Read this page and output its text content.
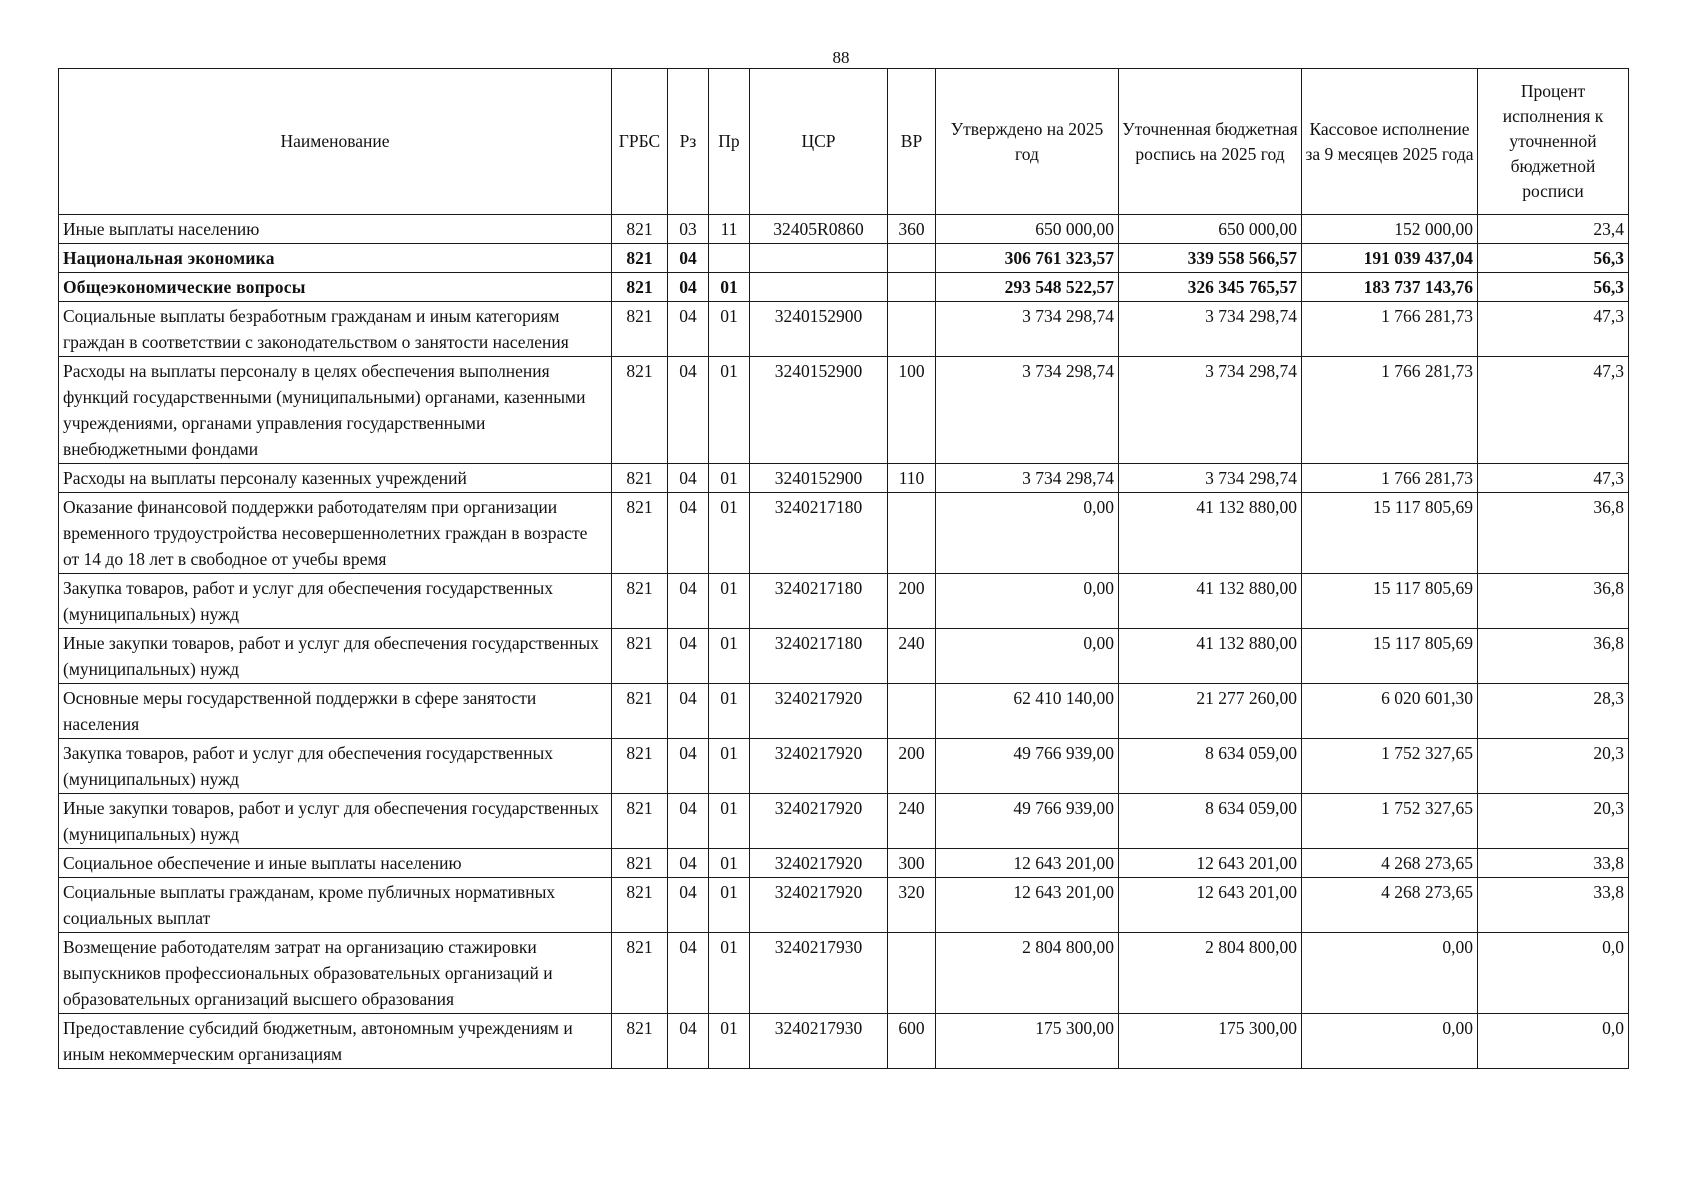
88
Наименование	ГРБС	Рз	Пр	ЦСР	ВР	Утверждено на 2025 год	Уточненная бюджетная роспись на 2025 год	Кассовое исполнение за 9 месяцев 2025 года	Процент исполнения к уточненной бюджетной росписи
Иные выплаты населению	821	03	11	32405R0860	360	650 000,00	650 000,00	152 000,00	23,4
Национальная экономика	821	04				306 761 323,57	339 558 566,57	191 039 437,04	56,3
Общеэкономические вопросы	821	04	01			293 548 522,57	326 345 765,57	183 737 143,76	56,3
Социальные выплаты безработным гражданам и иным категориям граждан в соответствии с законодательством о занятости населения	821	04	01	3240152900		3 734 298,74	3 734 298,74	1 766 281,73	47,3
Расходы на выплаты персоналу в целях обеспечения выполнения функций государственными (муниципальными) органами, казенными учреждениями, органами управления государственными внебюджетными фондами	821	04	01	3240152900	100	3 734 298,74	3 734 298,74	1 766 281,73	47,3
Расходы на выплаты персоналу казенных учреждений	821	04	01	3240152900	110	3 734 298,74	3 734 298,74	1 766 281,73	47,3
Оказание финансовой поддержки работодателям при организации временного трудоустройства несовершеннолетних граждан в возрасте от 14 до 18 лет в свободное от учебы время	821	04	01	3240217180		0,00	41 132 880,00	15 117 805,69	36,8
Закупка товаров, работ и услуг для обеспечения государственных (муниципальных) нужд	821	04	01	3240217180	200	0,00	41 132 880,00	15 117 805,69	36,8
Иные закупки товаров, работ и услуг для обеспечения государственных (муниципальных) нужд	821	04	01	3240217180	240	0,00	41 132 880,00	15 117 805,69	36,8
Основные меры государственной поддержки в сфере занятости населения	821	04	01	3240217920		62 410 140,00	21 277 260,00	6 020 601,30	28,3
Закупка товаров, работ и услуг для обеспечения государственных (муниципальных) нужд	821	04	01	3240217920	200	49 766 939,00	8 634 059,00	1 752 327,65	20,3
Иные закупки товаров, работ и услуг для обеспечения государственных (муниципальных) нужд	821	04	01	3240217920	240	49 766 939,00	8 634 059,00	1 752 327,65	20,3
Социальное обеспечение и иные выплаты населению	821	04	01	3240217920	300	12 643 201,00	12 643 201,00	4 268 273,65	33,8
Социальные выплаты гражданам, кроме публичных нормативных социальных выплат	821	04	01	3240217920	320	12 643 201,00	12 643 201,00	4 268 273,65	33,8
Возмещение работодателям затрат на организацию стажировки выпускников профессиональных образовательных организаций и образовательных организаций высшего образования	821	04	01	3240217930		2 804 800,00	2 804 800,00	0,00	0,0
Предоставление субсидий бюджетным, автономным учреждениям и иным некоммерческим организациям	821	04	01	3240217930	600	175 300,00	175 300,00	0,00	0,0
